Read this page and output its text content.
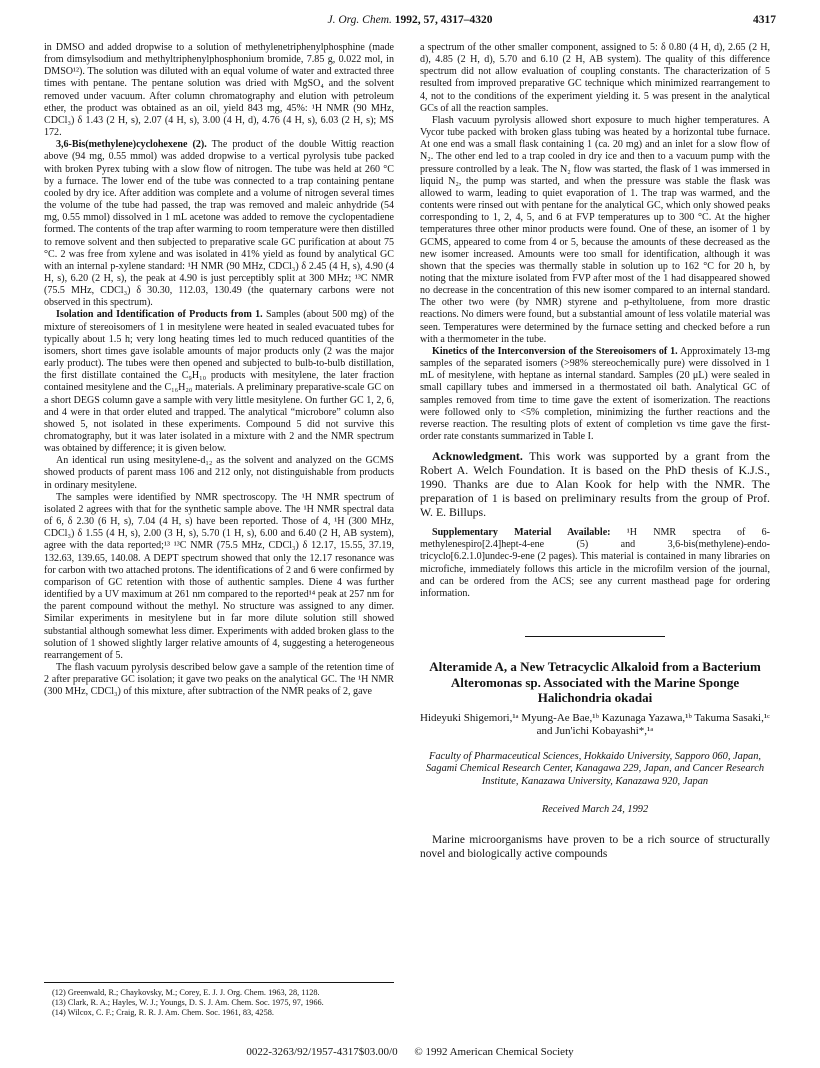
J. Org. Chem. 1992, 57, 4317–4320	4317

in DMSO and added dropwise to a solution of methylenetriphenylphosphine (made from dimsylsodium and methyltriphenylphosphonium bromide, 7.85 g, 0.022 mol, in DMSO¹²). The solution was diluted with an equal volume of water and extracted three times with pentane. The pentane solution was dried with MgSO₄ and the solvent removed under vacuum. After column chromatography and elution with petroleum ether, the product was obtained as an oil, yield 843 mg, 45%: ¹H NMR (90 MHz, CDCl₃) δ 1.43 (2 H, s), 2.07 (4 H, s), 3.00 (4 H, d), 4.76 (4 H, s), 6.03 (2 H, s); MS 172.

3,6-Bis(methylene)cyclohexene (2). The product of the double Wittig reaction above (94 mg, 0.55 mmol) was added dropwise to a vertical pyrolysis tube packed with broken Pyrex tubing with a slow flow of nitrogen. The tube was held at 260 °C by a furnace. The lower end of the tube was connected to a trap containing pentane cooled by dry ice. After addition was complete and a volume of nitrogen several times the volume of the tube had passed, the trap was removed and maleic anhydride (54 mg, 0.55 mmol) dissolved in 1 mL acetone was added to remove the cyclopentadiene formed. The contents of the trap after warming to room temperature were then distilled to remove solvent and then subjected to preparative scale GC purification at about 75 °C. 2 was free from xylene and was isolated in 41% yield as found by analytical GC with an internal p-xylene standard: ¹H NMR (90 MHz, CDCl₃) δ 2.45 (4 H, s), 4.90 (4 H, s), 6.20 (2 H, s), the peak at 4.90 is just perceptibly split at 300 MHz; ¹³C NMR (75.5 MHz, CDCl₃) δ 30.30, 112.03, 130.49 (the quaternary carbons were not observed in this spectrum).

Isolation and Identification of Products from 1. Samples (about 500 mg) of the mixture of stereoisomers of 1 in mesitylene were heated in sealed evacuated tubes for typically about 1.5 h; very long heating times led to much reduced quantities of the isomers, short times gave isolable amounts of major products only (2 was the major early product). The tubes were then opened and subjected to bulb-to-bulb distillation, the first distillate contained the C₉H₁₀ products with mesitylene, the later fraction contained mesitylene and the C₁₆H₂₀ materials. A preliminary preparative-scale GC on a short DEGS column gave a sample with very little mesitylene. On further GC 1, 2, 6, and 4 were in that order eluted and trapped. The analytical “microbore” column also showed 5, not isolated in these experiments. Compound 5 did not survive this chromatography, but it was later isolated in a mixture with 2 and the NMR spectrum was obtained by difference; it is given below.

An identical run using mesitylene-d₁₂ as the solvent and analyzed on the GCMS showed products of parent mass 106 and 212 only, not distinguishable from products in ordinary mesitylene.

The samples were identified by NMR spectroscopy. The ¹H NMR spectrum of isolated 2 agrees with that for the synthetic sample above. The ¹H NMR spectral data of 6, δ 2.30 (6 H, s), 7.04 (4 H, s) have been reported. Those of 4, ¹H (300 MHz, CDCl₃) δ 1.55 (4 H, s), 2.00 (3 H, s), 5.70 (1 H, s), 6.00 and 6.40 (2 H, AB system), agree with the data reported;¹³ ¹³C NMR (75.5 MHz, CDCl₃) δ 12.17, 15.55, 37.19, 132.63, 139.65, 140.08. A DEPT spectrum showed that only the 12.17 resonance was for carbon with two attached protons. The identifications of 2 and 6 were confirmed by comparison of GC retention with those of authentic samples. Diene 4 was further identified by a UV maximum at 261 nm compared to the reported¹⁴ peak at 257 nm for the parent compound without the methyl. No structure was assigned to any dimer. Similar experiments in mesitylene but in far more dilute solution still showed substantial although somewhat less dimer. Experiments with added broken glass to the solution of 1 showed slightly larger relative amounts of 4, suggesting a heterogeneous rearrangement of 5.

The flash vacuum pyrolysis described below gave a sample of the retention time of 2 after preparative GC isolation; it gave two peaks on the analytical GC. The ¹H NMR (300 MHz, CDCl₃) of this mixture, after subtraction of the NMR peaks of 2, gave

(12) Greenwald, R.; Chaykovsky, M.; Corey, E. J. J. Org. Chem. 1963, 28, 1128.
(13) Clark, R. A.; Hayles, W. J.; Youngs, D. S. J. Am. Chem. Soc. 1975, 97, 1966.
(14) Wilcox, C. F.; Craig, R. R. J. Am. Chem. Soc. 1961, 83, 4258.

a spectrum of the other smaller component, assigned to 5: δ 0.80 (4 H, d), 2.65 (2 H, d), 4.85 (2 H, d), 5.70 and 6.10 (2 H, AB system). The quality of this difference spectrum did not allow evaluation of coupling constants. The characterization of 5 resulted from improved preparative GC technique which minimized rearrangement to 4, not to the conditions of the experiment yielding it. 5 was present in the analytical GCs of all the reaction samples.

Flash vacuum pyrolysis allowed short exposure to much higher temperatures. A Vycor tube packed with broken glass tubing was heated by a horizontal tube furnace. At one end was a small flask containing 1 (ca. 20 mg) and an inlet for a slow flow of N₂. The other end led to a trap cooled in dry ice and then to a vacuum pump with the pressure controlled by a leak. The N₂ flow was started, the flask of 1 was immersed in liquid N₂, the pump was started, and when the pressure was stable the flask was allowed to warm, leading to quiet evaporation of 1. The trap was warmed, and the contents were rinsed out with pentane for the analytical GC, which only showed peaks corresponding to 1, 2, 4, 5, and 6 at FVP temperatures up to 300 °C. At the higher temperatures three other minor products were found. One of these, an isomer of 1 by GCMS, appeared to come from 4 or 5, because the amounts of these decreased as the new isomer increased. Amounts were too small for identification, although it was shown that the species was thermally stable in solution up to 162 °C for 20 h, by noting that the mixture isolated from FVP after most of the 1 had disappeared showed no decrease in the concentration of this new isomer compared to an internal standard. The other two were (by NMR) styrene and p-ethyltoluene, from more drastic reactions. No dimers were found, but a substantial amount of less volatile material was seen. Temperatures were determined by the furnace setting and checked before a run with a thermometer in the tube.

Kinetics of the Interconversion of the Stereoisomers of 1. Approximately 13-mg samples of the separated isomers (>98% stereochemically pure) were dissolved in 1 mL of mesitylene, with heptane as internal standard. Samples (20 μL) were sealed in small capillary tubes and immersed in a thermostated oil bath. Analytical GC of samples removed from time to time gave the extent of isomerization. The reactions were followed only to <5% completion, minimizing the further reactions and the reverse reaction. The resulting plots of extent of completion vs time gave the first-order rate constants summarized in Table I.

Acknowledgment. This work was supported by a grant from the Robert A. Welch Foundation. It is based on the PhD thesis of K.J.S., 1990. Thanks are due to Alan Kook for help with the NMR. The preparation of 1 is based on preliminary results from the group of Prof. W. E. Billups.

Supplementary Material Available: ¹H NMR spectra of 6-methylenespiro[2.4]hept-4-ene (5) and 3,6-bis(methylene)-endo-tricyclo[6.2.1.0]undec-9-ene (2 pages). This material is contained in many libraries on microfiche, immediately follows this article in the microfilm version of the journal, and can be ordered from the ACS; see any current masthead page for ordering information.

Alteramide A, a New Tetracyclic Alkaloid from a Bacterium Alteromonas sp. Associated with the Marine Sponge Halichondria okadai
Hideyuki Shigemori,¹ᵃ Myung-Ae Bae,¹ᵇ Kazunaga Yazawa,¹ᵇ Takuma Sasaki,¹ᶜ and Jun'ichi Kobayashi*,¹ᵃ
Faculty of Pharmaceutical Sciences, Hokkaido University, Sapporo 060, Japan, Sagami Chemical Research Center, Kanagawa 229, Japan, and Cancer Research Institute, Kanazawa University, Kanazawa 920, Japan
Received March 24, 1992

Marine microorganisms have proven to be a rich source of structurally novel and biologically active compounds

0022-3263/92/1957-4317$03.00/0 © 1992 American Chemical Society
